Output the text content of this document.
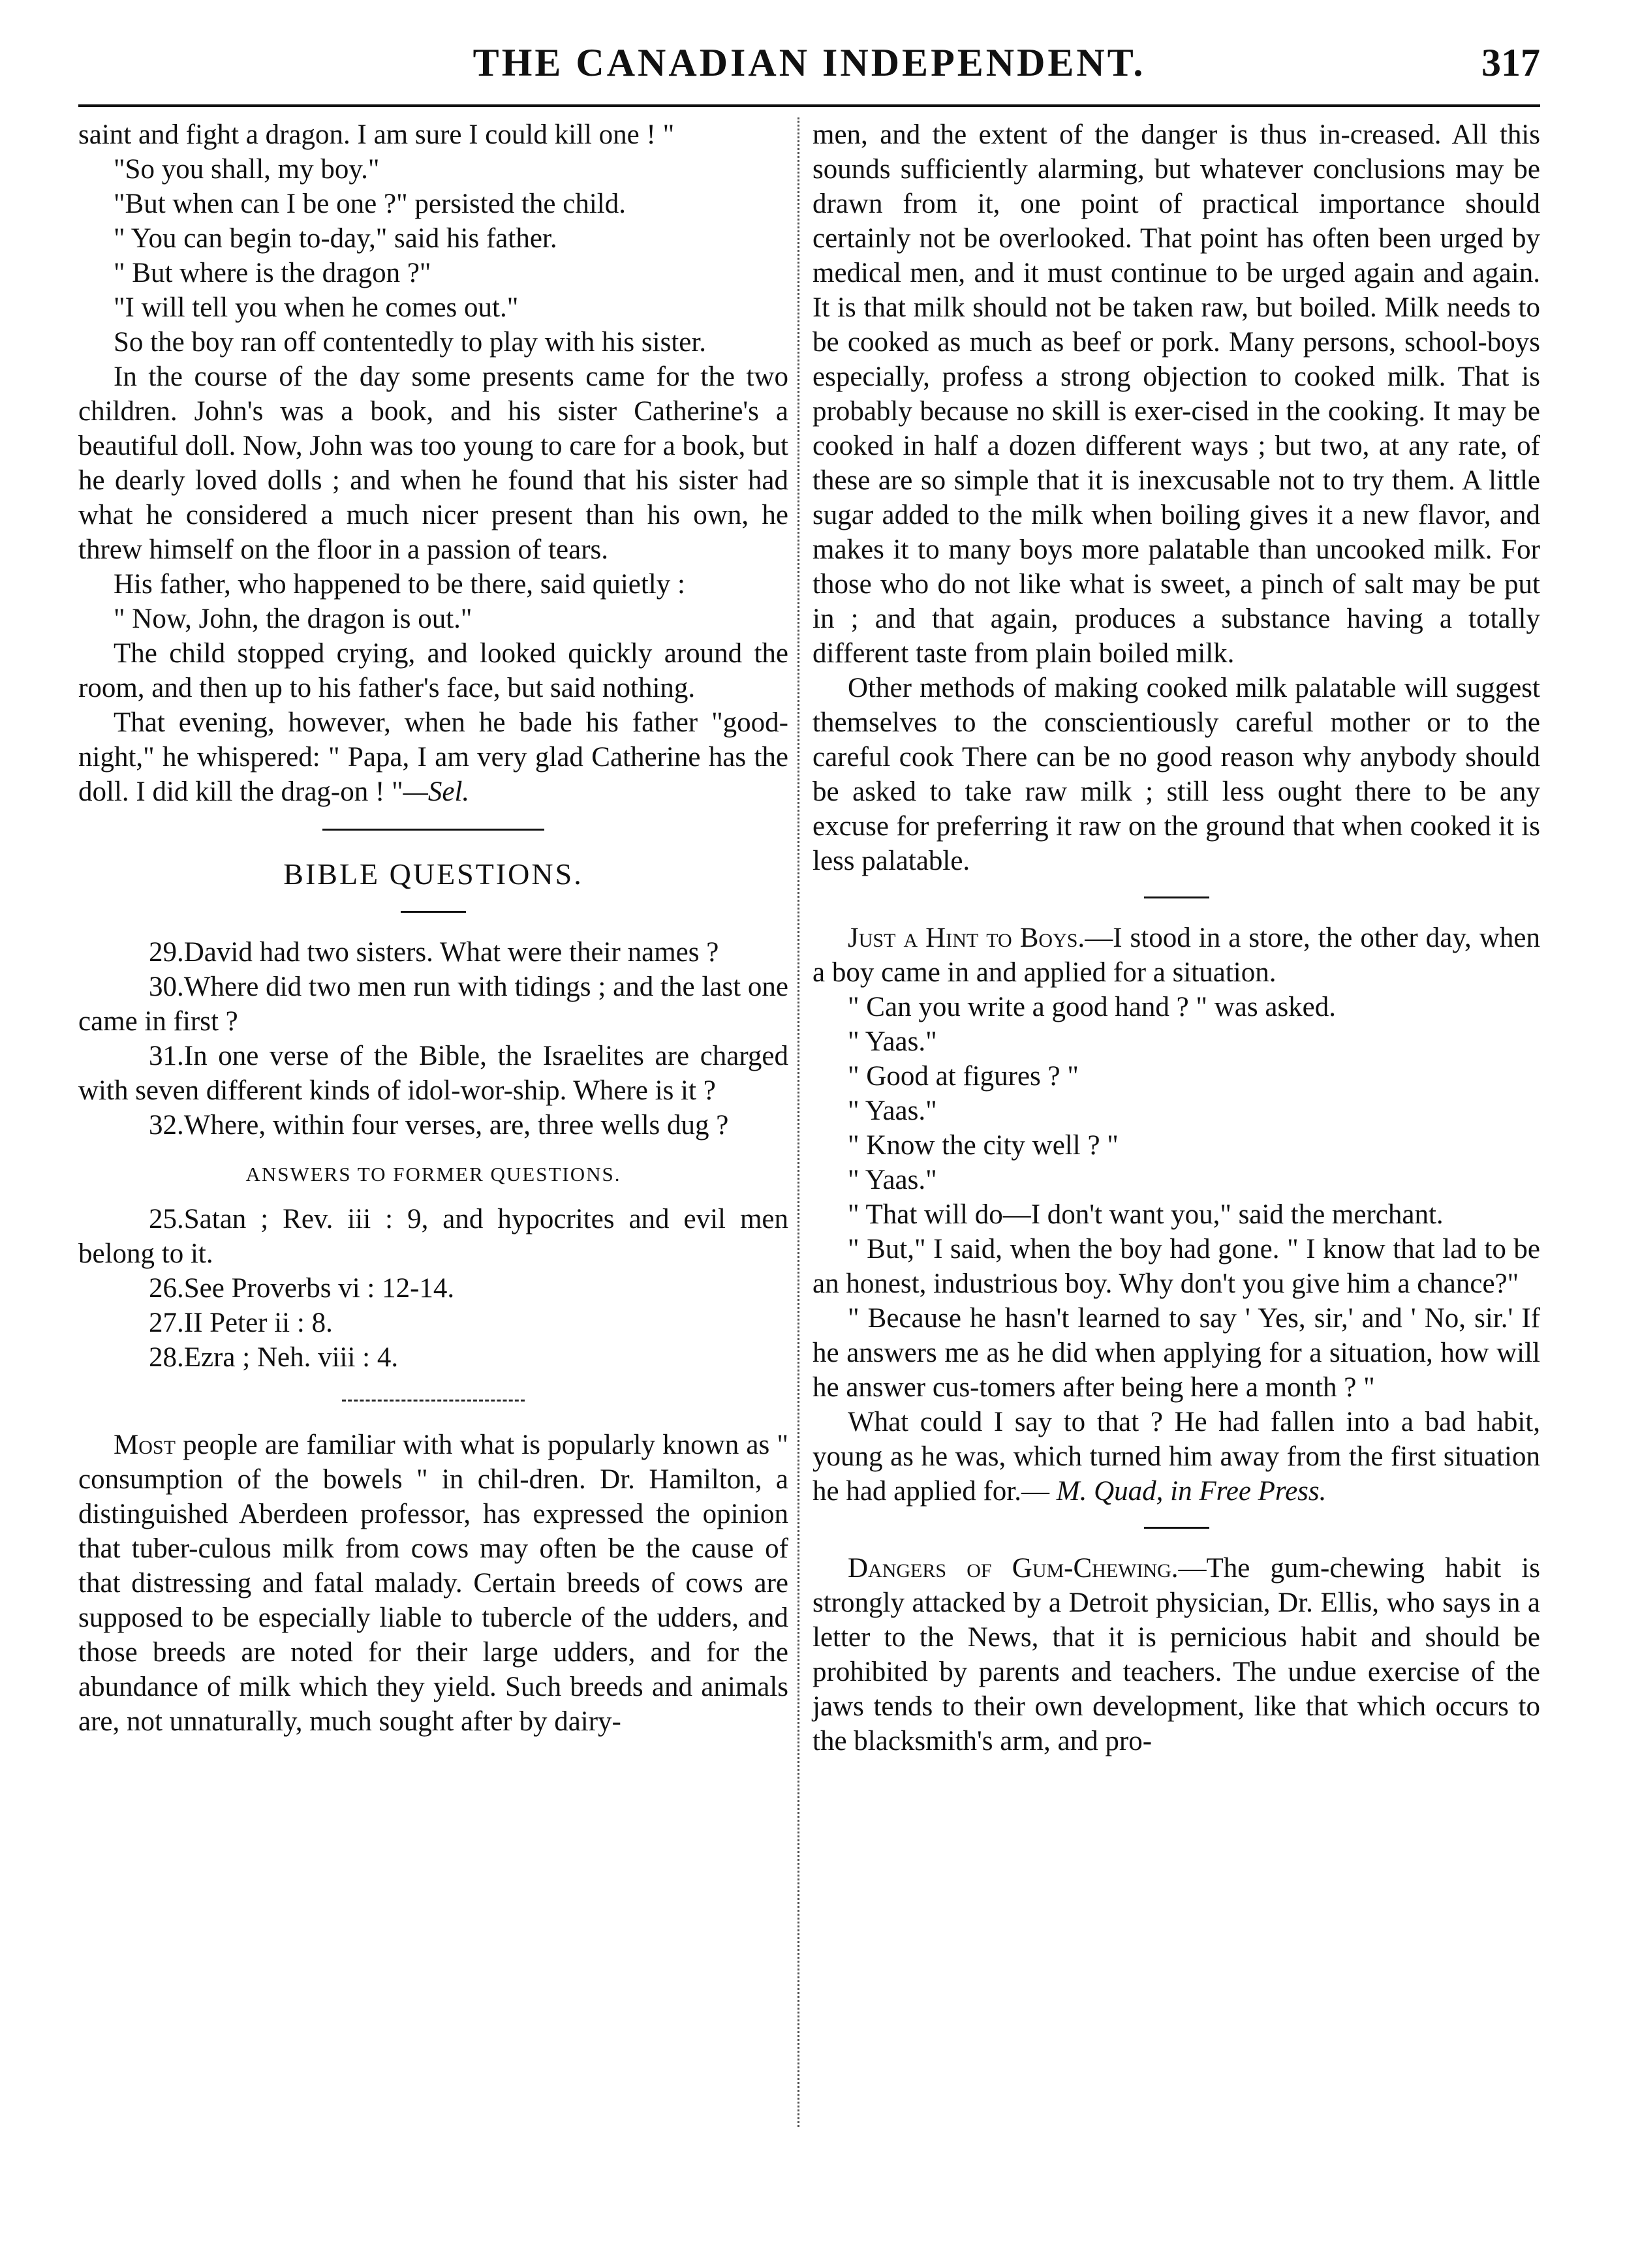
THE CANADIAN INDEPENDENT.	317

saint and fight a dragon. I am sure I could kill one ! "

"So you shall, my boy."

"But when can I be one ?" persisted the child.

" You can begin to-day," said his father.

" But where is the dragon ?"

"I will tell you when he comes out."

So the boy ran off contentedly to play with his sister.

In the course of the day some presents came for the two children. John's was a book, and his sister Catherine's a beautiful doll. Now, John was too young to care for a book, but he dearly loved dolls ; and when he found that his sister had what he considered a much nicer present than his own, he threw himself on the floor in a passion of tears.

His father, who happened to be there, said quietly :

" Now, John, the dragon is out."

The child stopped crying, and looked quickly around the room, and then up to his father's face, but said nothing.

That evening, however, when he bade his father "good-night," he whispered: " Papa, I am very glad Catherine has the doll. I did kill the drag-on ! "—Sel.

BIBLE QUESTIONS.

29.David had two sisters. What were their names ?

30.Where did two men run with tidings ; and the last one came in first ?

31.In one verse of the Bible, the Israelites are charged with seven different kinds of idol-wor-ship. Where is it ?

32.Where, within four verses, are, three wells dug ?

ANSWERS TO FORMER QUESTIONS.

25.Satan ; Rev. iii : 9, and hypocrites and evil men belong to it.

26.See Proverbs vi : 12-14.

27.II Peter ii : 8.

28.Ezra ; Neh. viii : 4.

Most people are familiar with what is popularly known as " consumption of the bowels " in chil-dren. Dr. Hamilton, a distinguished Aberdeen professor, has expressed the opinion that tuber-culous milk from cows may often be the cause of that distressing and fatal malady. Certain breeds of cows are supposed to be especially liable to tubercle of the udders, and those breeds are noted for their large udders, and for the abundance of milk which they yield. Such breeds and animals are, not unnaturally, much sought after by dairy-

men, and the extent of the danger is thus in-creased. All this sounds sufficiently alarming, but whatever conclusions may be drawn from it, one point of practical importance should certainly not be overlooked. That point has often been urged by medical men, and it must continue to be urged again and again. It is that milk should not be taken raw, but boiled. Milk needs to be cooked as much as beef or pork. Many persons, school-boys especially, profess a strong objection to cooked milk. That is probably because no skill is exer-cised in the cooking. It may be cooked in half a dozen different ways ; but two, at any rate, of these are so simple that it is inexcusable not to try them. A little sugar added to the milk when boiling gives it a new flavor, and makes it to many boys more palatable than uncooked milk. For those who do not like what is sweet, a pinch of salt may be put in ; and that again, produces a substance having a totally different taste from plain boiled milk.

Other methods of making cooked milk palatable will suggest themselves to the conscientiously careful mother or to the careful cook There can be no good reason why anybody should be asked to take raw milk ; still less ought there to be any excuse for preferring it raw on the ground that when cooked it is less palatable.

Just a Hint to Boys.—I stood in a store, the other day, when a boy came in and applied for a situation.

" Can you write a good hand ? " was asked.

" Yaas."

" Good at figures ? "

" Yaas."

" Know the city well ? "

" Yaas."

" That will do—I don't want you," said the merchant.

" But," I said, when the boy had gone. " I know that lad to be an honest, industrious boy. Why don't you give him a chance?"

" Because he hasn't learned to say ' Yes, sir,' and ' No, sir.' If he answers me as he did when applying for a situation, how will he answer cus-tomers after being here a month ? "

What could I say to that ? He had fallen into a bad habit, young as he was, which turned him away from the first situation he had applied for.— M. Quad, in Free Press.

Dangers of Gum-Chewing.—The gum-chewing habit is strongly attacked by a Detroit physician, Dr. Ellis, who says in a letter to the News, that it is pernicious habit and should be prohibited by parents and teachers. The undue exercise of the jaws tends to their own development, like that which occurs to the blacksmith's arm, and pro-
